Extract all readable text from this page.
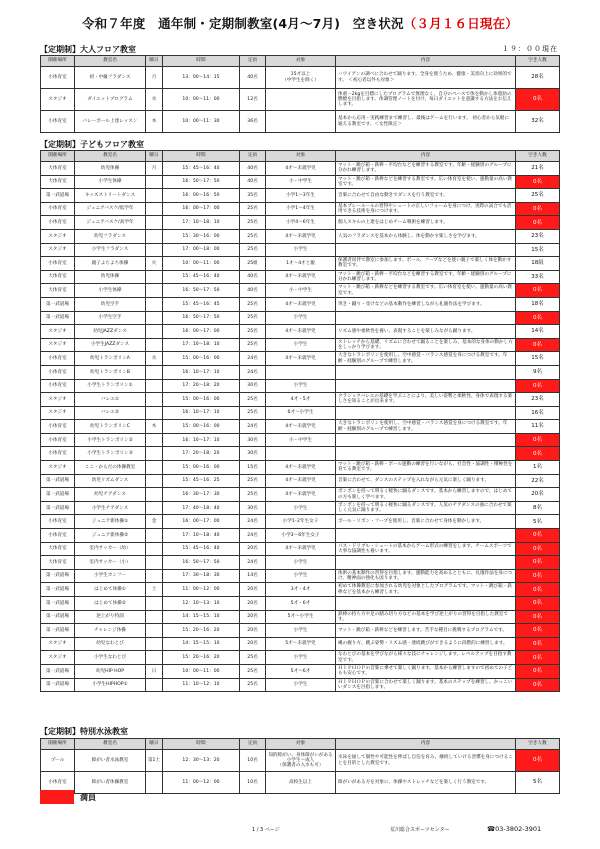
令和７年度　通年制・定期制教室(4月～7月)　空き状況（３月１６日現在）
【定期制】大人フロア教室	１９：００現在
開催場所	教室名	曜日	時間	定員	対象	内容	空き人数
小体育室	初・中級フラダンス	月	13：00～14：15	40名	15才以上
（中学生を除く）	ハワイアンの調べに合わせて踊ります。全身を使うため、健康・美容向上に効果的です。 ＜初心者以外も対象＞	28名
スタジオ	ダイエットプログラム	水	10：00～11：00	12名		体重－2kgを目標にしたプログラムで無理なく、自分のペースで体を動かし体脂肪の燃焼を目指します。体調管理ノートを付け、毎日ダイエットを意識する方法をお伝えします。	0名
小体育室	バレーボール上達レッスン	木	10：00～11：30	36名		基本から応用・実践練習まで練習し、最後はゲームを行います。 初心者から気軽に通える教室です。＜女性限定＞	32名
【定期制】子どもフロア教室
開催場所	教室名	曜日	時間	定員	対象	内容	空き人数
大体育室	幼児体操	月	15：45～16：40	40名	4才～未就学児	マット・跳び箱・鉄棒・平均台などを練習する教室です。年齢・経験別のグループに分かれ練習します。	21名
大体育室	小学生体操		16：50～17：50	40名	小・中学生	マット・跳び箱・鉄棒などを練習する教室です。広い体育室を使い、運動量の高い教室です。	0名
第一武道場	キッズストリートダンス		16：00～16：50	35名	小学1～3年生	音楽に合わせて自由な動きでダンスを行う教室です。	25名
小体育室	ジュニアバスケ/低学年		16：00～17：00	25名	小学1～4年生	基本プレールールの習得やシュートの正しいフォームを身につけ、実際の試合でも活用できる技術を身につけます。	0名
小体育室	ジュニアバスケ/高学年		17：10～18：10	25名	小学4～6年生	個人スキルの上達をはじめチーム戦術を練習します。	0名
スタジオ	幼児フラダンス		15：30～16：00	25名	4才～未就学児	人気のフラダンスを基本から体験し、体を動かす楽しさを学びます。	23名
スタジオ	小学生フラダンス		17：00～18：00	25名	小学生		15名
小体育室	親子よちよち体操	火	10：00～11：00	25組	1才～4才と親	保護者同伴で教室に参加します。ボール、フープなどを使い親子で楽しく体を動かす教室です。	18組
大体育室	幼児体操		15：45～16：40	40名	4才～未就学児	マット・跳び箱・鉄棒・平均台などを練習する教室です。年齢・経験別のグループに分かれ練習します。	33名
大体育室	小学生体操		16：50～17：50	40名	小・中学生	マット・跳び箱・鉄棒などを練習する教室です。広い体育室を使い、運動量の高い教室です。	0名
第一武道場	幼児空手		15：45～16：45	25名	4才～未就学児	突き・蹴り・受けなどの基本動作を練習しながら礼儀作法を学びます。	18名
第一武道場	小学生空手		16：50～17：50	25名	小学生		0名
スタジオ	幼児JAZZダンス		16：00～17：00	25名	4才～未就学児	リズム感や柔軟性を養い、表現することを楽しみながら踊ります。	14名
スタジオ	小学生JAZZダンス		17：10～18：10	25名	小学生	ストレッチから基礎、リズムに合わせて踊ることを楽しみ、基本的な身体の動かし方をしっかり学びます。	0名
小体育室	幼児トランポリンA	水	15：00～16：00	24名	4才～未就学児	大きなトランポリンを使用し、空中感覚・バランス感覚を身につける教室です。年齢・経験別のグループで練習します。	15名
小体育室	幼児トランポリンB		16：10～17：10	24名			9名
小体育室	小学生トランポリン①		17：20～18：20	30名	小学生		0名
スタジオ	バレエ①		15：00～16：00	25名	4才・5才	クラシックバレエの基礎を学ぶことにより、美しい姿勢と柔軟性、身体で表現する楽しさを知ることが出来ます。	23名
スタジオ	バレエ②		16：10～17：10	25名	6才～小学生		16名
小体育室	幼児トランポリンC	木	15：00～16：00	24名	4才～未就学児	大きなトランポリンを使用し、空中感覚・バランス感覚を身につける教室です。年齢・経験別のグループで練習します。	11名
小体育室	小学生トランポリン②		16：10～17：10	30名	小・中学生		0名
小体育室	小学生トランポリン③		17：20～18：20	30名			0名
スタジオ	ここ・からだの体操教室		15：00～16：00	15名	4才～未就学児	マット・跳び箱・鉄棒・ボール運動の練習を行いながら、社会性・協調性・積極性を育てる教室です。	1名
第一武道場	幼児リズムダンス		15：45～16：25	25名	4才～未就学児	音楽に合わせて、ダンスのステップを入れながら元気に楽しく踊ります。	22名
第一武道場	幼児チアダンス		16：30～17：30	25名	4才～未就学児	ポンポンを持って明るく軽快に踊るダンスです。基本から練習しますので、はじめての方も楽しく学べます。	20名
第一武道場	小学生チアダンス		17：40～18：40	30名	小学生	ポンポンを持って明るく軽快に踊るダンスです。人気のチアダンスの曲に合わせて楽しく元気に踊ります。	8名
小体育室	ジュニア新体操①	金	16：00～17：00	24名	小学1･2年生女子	ボール・リボン・フープを使用し、音楽に合わせて身体を動かします。	5名
小体育室	ジュニア新体操②		17：10～18：40	24名	小学3～6年生女子		0名
大体育室	室内サッカー（幼）		15：45～16：40	20名	4才～未就学児	パス・ドリブル・シュートの基本からゲーム形式の練習をします。チームスポーツで大事な協調性も養います。	0名
大体育室	室内サッカー（小）		16：50～17：50	24名	小学生		0名
第一武道場	小学生カンフー		17：30～18：30	14名	小学生	体術の基本動作の習得を目指します。運動能力を高めるとともに、礼儀作法を身につけ、精神面の強化も図ります。	0名
第一武道場	はじめて体操①	土	11：00～12：00	20名	3才・4才	初めて体操教室に参加される幼児を対象としたプログラムです。マット・跳び箱・鉄棒などを基本から練習します。	0名
第一武道場	はじめて体操②		12：10～13：10	20名	5才・6才		0名
第一武道場	逆上がり特訓		14：15～15：10	20名	5才～小学生	鉄棒の持ち方や足の踏み切り方などの基本を学び逆上がりの習得を目指した教室です。	0名
第一武道場	チャレンジ体操		15：20～16：20	20名	小学生	マット・跳び箱・鉄棒などを練習します。苦手な種目に挑戦するプログラムです。	0名
スタジオ	幼児なわとび		14：15～15：10	20名	5才～未就学児	縄の握り方、跳ぶ姿勢・リズム感・連続跳びができるように段階的に練習します。	0名
スタジオ	小学生なわとび		15：20～16：20	25名	小学生	なわとびの基本を学びながら様々な技にチャレンジします。レベルアップを目指す教室です。	0名
第一武道場	幼児HIP HOP	日	10：00～11：00	25名	5才～6才	ＨＩＰＨＯＰの音楽に乗せて楽しく踊ります。基本から練習しますので初めての子どもも安心です。	0名
第一武道場	小学生HIPHOP①		11：10～12：10	25名	小学生	ＨＩＰＨＯＰの音楽に合わせて楽しく踊ります。基本のステップを練習し、かっこいいダンスを目指します。	0名
【定期制】特別水泳教室
開催場所	教室名	曜日	時間	定員	対象	内容	空き人数
プール	障がい者水泳教室	第1土	12：30～13：20	10名	知的障がい、身体障がいがある小学生～成人
（保護者の入水も可）	水泳を通して個性や可能性を伸ばし自信を育み、継続していける習慣を身につけることを目的とした教室です。	0名
小体育室	障がい者体操教室		11：00～12：00	10名	高校生以上	障がいがある方を対象に、体操やストレッチなどを楽しく行う教室です。	5名
満員
1 / 3 ページ	荒川総合スポーツセンター	☎03-3802-3901
